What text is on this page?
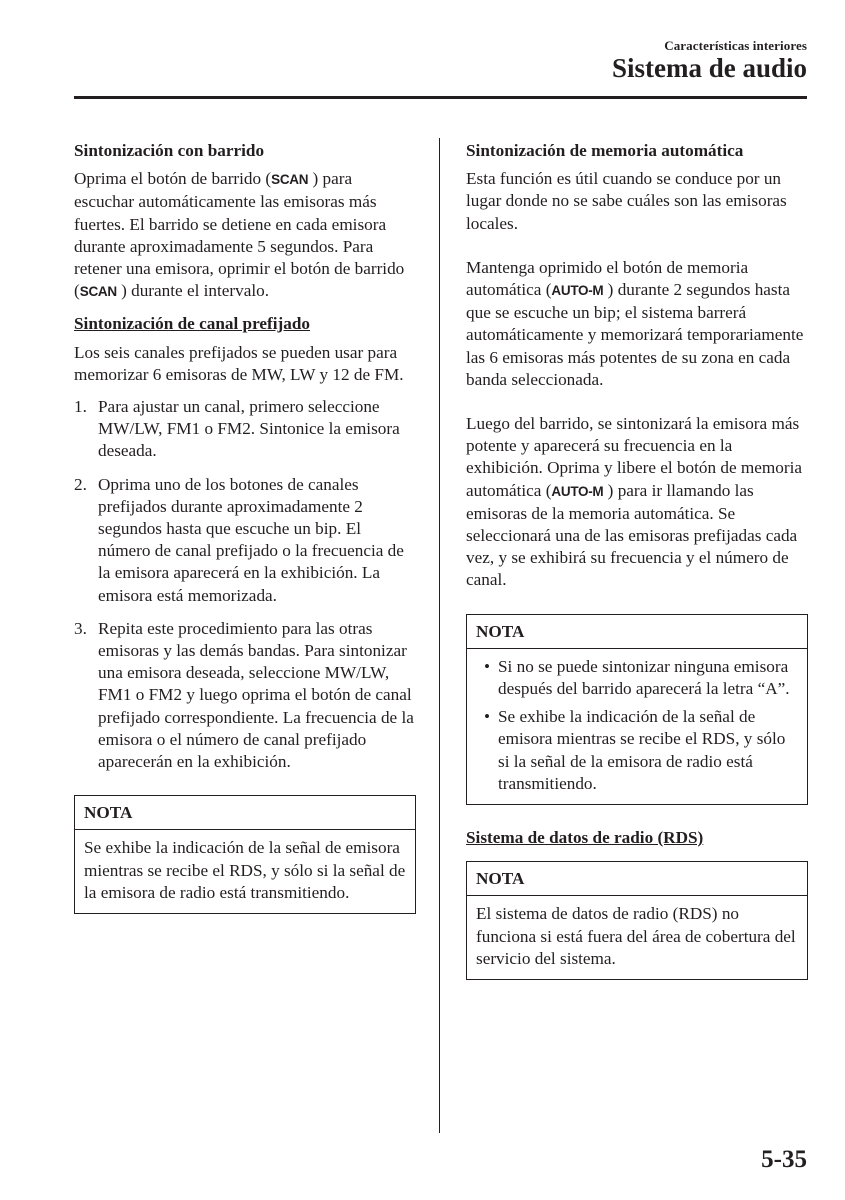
Características interiores
Sistema de audio
Sintonización con barrido

Oprima el botón de barrido (SCAN ) para escuchar automáticamente las emisoras más fuertes. El barrido se detiene en cada emisora durante aproximadamente 5 segundos. Para retener una emisora, oprimir el botón de barrido (SCAN ) durante el intervalo.

Sintonización de canal prefijado

Los seis canales prefijados se pueden usar para memorizar 6 emisoras de MW, LW y 12 de FM.

1. Para ajustar un canal, primero seleccione MW/LW, FM1 o FM2. Sintonice la emisora deseada.
2. Oprima uno de los botones de canales prefijados durante aproximadamente 2 segundos hasta que escuche un bip. El número de canal prefijado o la frecuencia de la emisora aparecerá en la exhibición. La emisora está memorizada.
3. Repita este procedimiento para las otras emisoras y las demás bandas. Para sintonizar una emisora deseada, seleccione MW/LW, FM1 o FM2 y luego oprima el botón de canal prefijado correspondiente. La frecuencia de la emisora o el número de canal prefijado aparecerán en la exhibición.
NOTA
Se exhibe la indicación de la señal de emisora mientras se recibe el RDS, y sólo si la señal de la emisora de radio está transmitiendo.
Sintonización de memoria automática

Esta función es útil cuando se conduce por un lugar donde no se sabe cuáles son las emisoras locales.

Mantenga oprimido el botón de memoria automática (AUTO-M ) durante 2 segundos hasta que se escuche un bip; el sistema barrerá automáticamente y memorizará temporariamente las 6 emisoras más potentes de su zona en cada banda seleccionada.

Luego del barrido, se sintonizará la emisora más potente y aparecerá su frecuencia en la exhibición. Oprima y libere el botón de memoria automática (AUTO-M ) para ir llamando las emisoras de la memoria automática. Se seleccionará una de las emisoras prefijadas cada vez, y se exhibirá su frecuencia y el número de canal.

NOTA
• Si no se puede sintonizar ninguna emisora después del barrido aparecerá la letra “A”.
• Se exhibe la indicación de la señal de emisora mientras se recibe el RDS, y sólo si la señal de la emisora de radio está transmitiendo.
Sistema de datos de radio (RDS)
NOTA
El sistema de datos de radio (RDS) no funciona si está fuera del área de cobertura del servicio del sistema.
5-35
